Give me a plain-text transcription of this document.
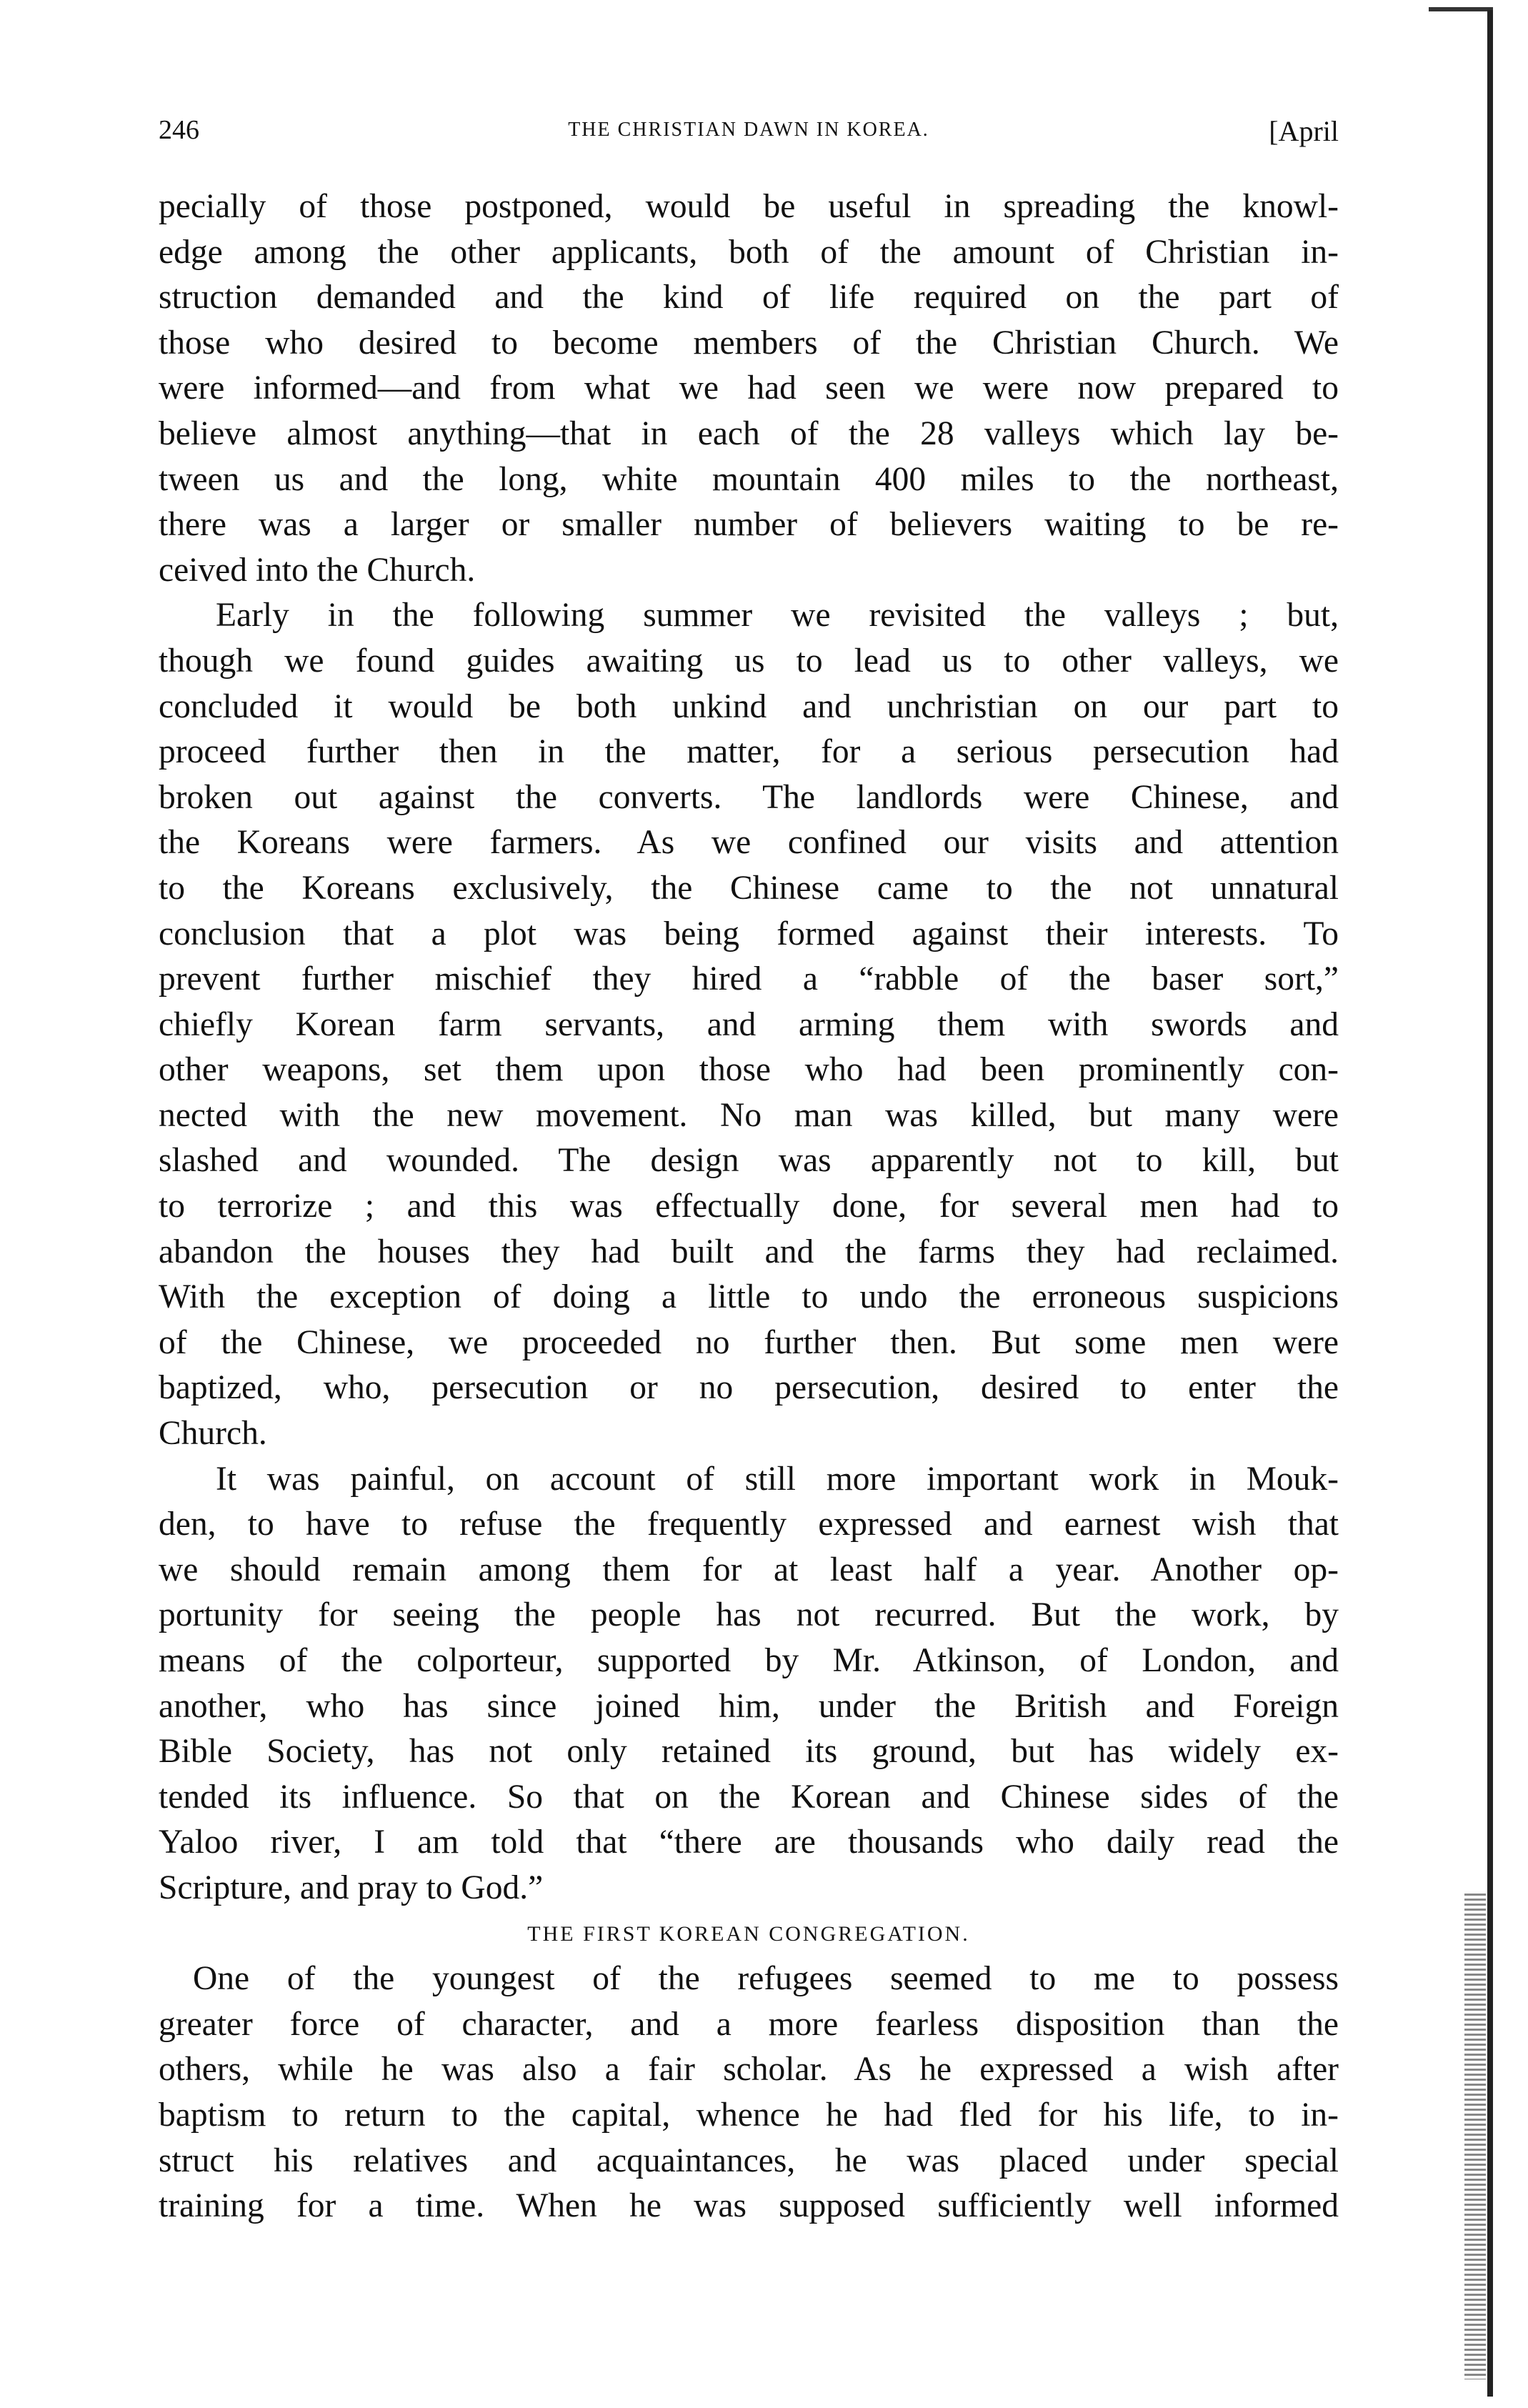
246	THE CHRISTIAN DAWN IN KOREA.	[April
pecially of those postponed, would be useful in spreading the knowl-
edge among the other applicants, both of the amount of Christian in-
struction demanded and the kind of life required on the part of
those who desired to become members of the Christian Church. We
were informed—and from what we had seen we were now prepared to
believe almost anything—that in each of the 28 valleys which lay be-
tween us and the long, white mountain 400 miles to the northeast,
there was a larger or smaller number of believers waiting to be re-
ceived into the Church.
Early in the following summer we revisited the valleys ; but,
though we found guides awaiting us to lead us to other valleys, we
concluded it would be both unkind and unchristian on our part to
proceed further then in the matter, for a serious persecution had
broken out against the converts. The landlords were Chinese, and
the Koreans were farmers. As we confined our visits and attention
to the Koreans exclusively, the Chinese came to the not unnatural
conclusion that a plot was being formed against their interests. To
prevent further mischief they hired a “rabble of the baser sort,”
chiefly Korean farm servants, and arming them with swords and
other weapons, set them upon those who had been prominently con-
nected with the new movement. No man was killed, but many were
slashed and wounded. The design was apparently not to kill, but
to terrorize ; and this was effectually done, for several men had to
abandon the houses they had built and the farms they had reclaimed.
With the exception of doing a little to undo the erroneous suspicions
of the Chinese, we proceeded no further then. But some men were
baptized, who, persecution or no persecution, desired to enter the
Church.
It was painful, on account of still more important work in Mouk-
den, to have to refuse the frequently expressed and earnest wish that
we should remain among them for at least half a year. Another op-
portunity for seeing the people has not recurred. But the work, by
means of the colporteur, supported by Mr. Atkinson, of London, and
another, who has since joined him, under the British and Foreign
Bible Society, has not only retained its ground, but has widely ex-
tended its influence. So that on the Korean and Chinese sides of the
Yaloo river, I am told that “there are thousands who daily read the
Scripture, and pray to God.”
THE FIRST KOREAN CONGREGATION.
One of the youngest of the refugees seemed to me to possess
greater force of character, and a more fearless disposition than the
others, while he was also a fair scholar. As he expressed a wish after
baptism to return to the capital, whence he had fled for his life, to in-
struct his relatives and acquaintances, he was placed under special
training for a time. When he was supposed sufficiently well informed
